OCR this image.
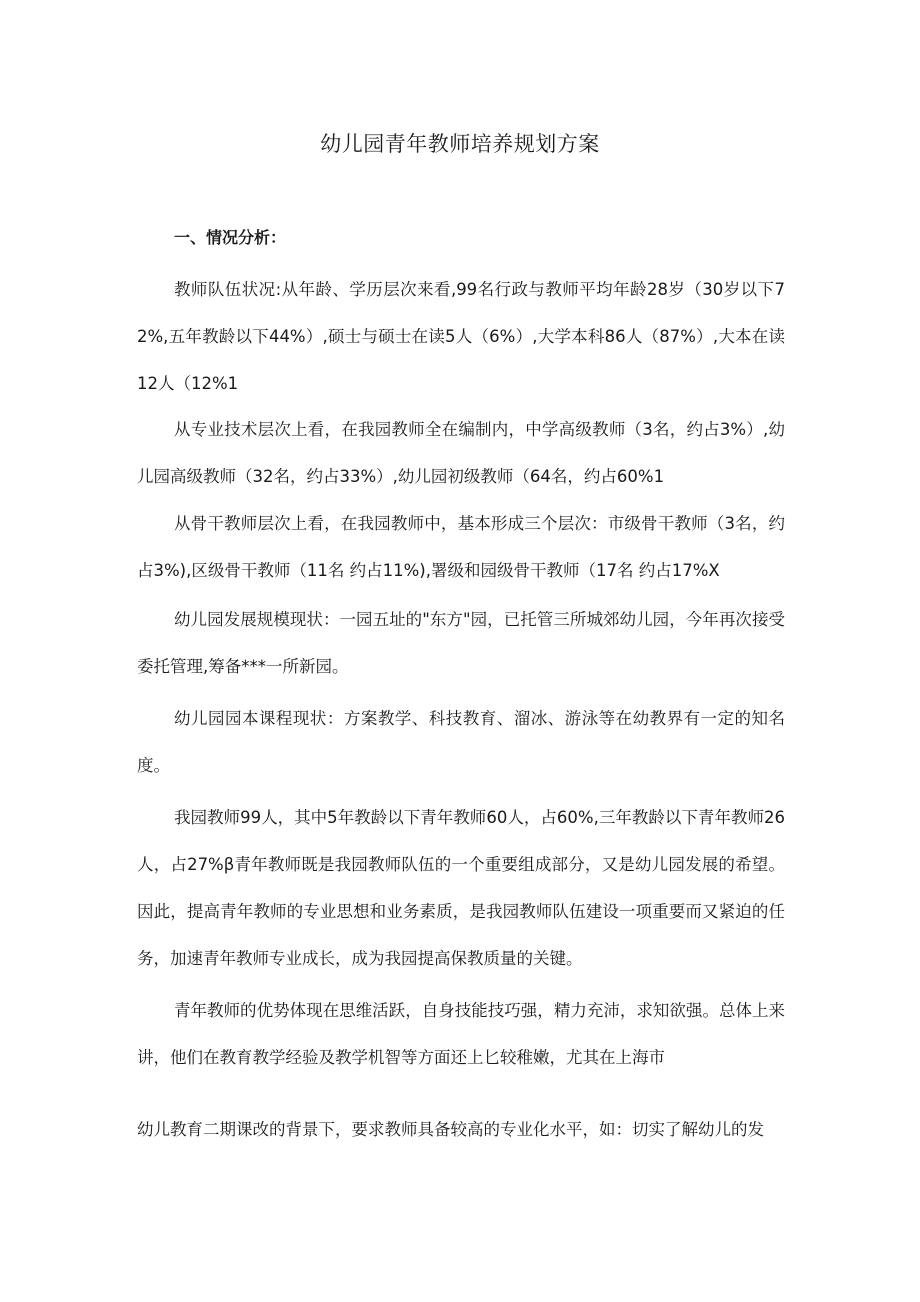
幼儿园青年教师培养规划方案
一、情况分析：

教师队伍状况:从年龄、学历层次来看,99名行政与教师平均年龄28岁（30岁以下72%,五年教龄以下44%）,硕士与硕士在读5人（6%）,大学本科86人（87%）,大本在读12人（12%1

从专业技术层次上看，在我园教师全在编制内，中学高级教师（3名，约占3%）,幼儿园高级教师（32名，约占33%）,幼儿园初级教师（64名，约占60%1

从骨干教师层次上看，在我园教师中，基本形成三个层次：市级骨干教师（3名，约占3%),区级骨干教师（11名 约占11%),署级和园级骨干教师（17名 约占17%X

幼儿园发展规模现状：一园五址的"东方"园，已托管三所城郊幼儿园，今年再次接受委托管理,筹备***一所新园。

幼儿园园本课程现状：方案教学、科技教育、溜冰、游泳等在幼教界有一定的知名度。

我园教师99人，其中5年教龄以下青年教师60人，占60%,三年教龄以下青年教师26人，占27%β青年教师既是我园教师队伍的一个重要组成部分，又是幼儿园发展的希望。因此，提高青年教师的专业思想和业务素质，是我园教师队伍建设一项重要而又紧迫的任务，加速青年教师专业成长，成为我园提高保教质量的关键。

青年教师的优势体现在思维活跃，自身技能技巧强，精力充沛，求知欲强。总体上来讲，他们在教育教学经验及教学机智等方面还上匕较稚嫩，尤其在上海市

幼儿教育二期课改的背景下，要求教师具备较高的专业化水平，如：切实了解幼儿的发
